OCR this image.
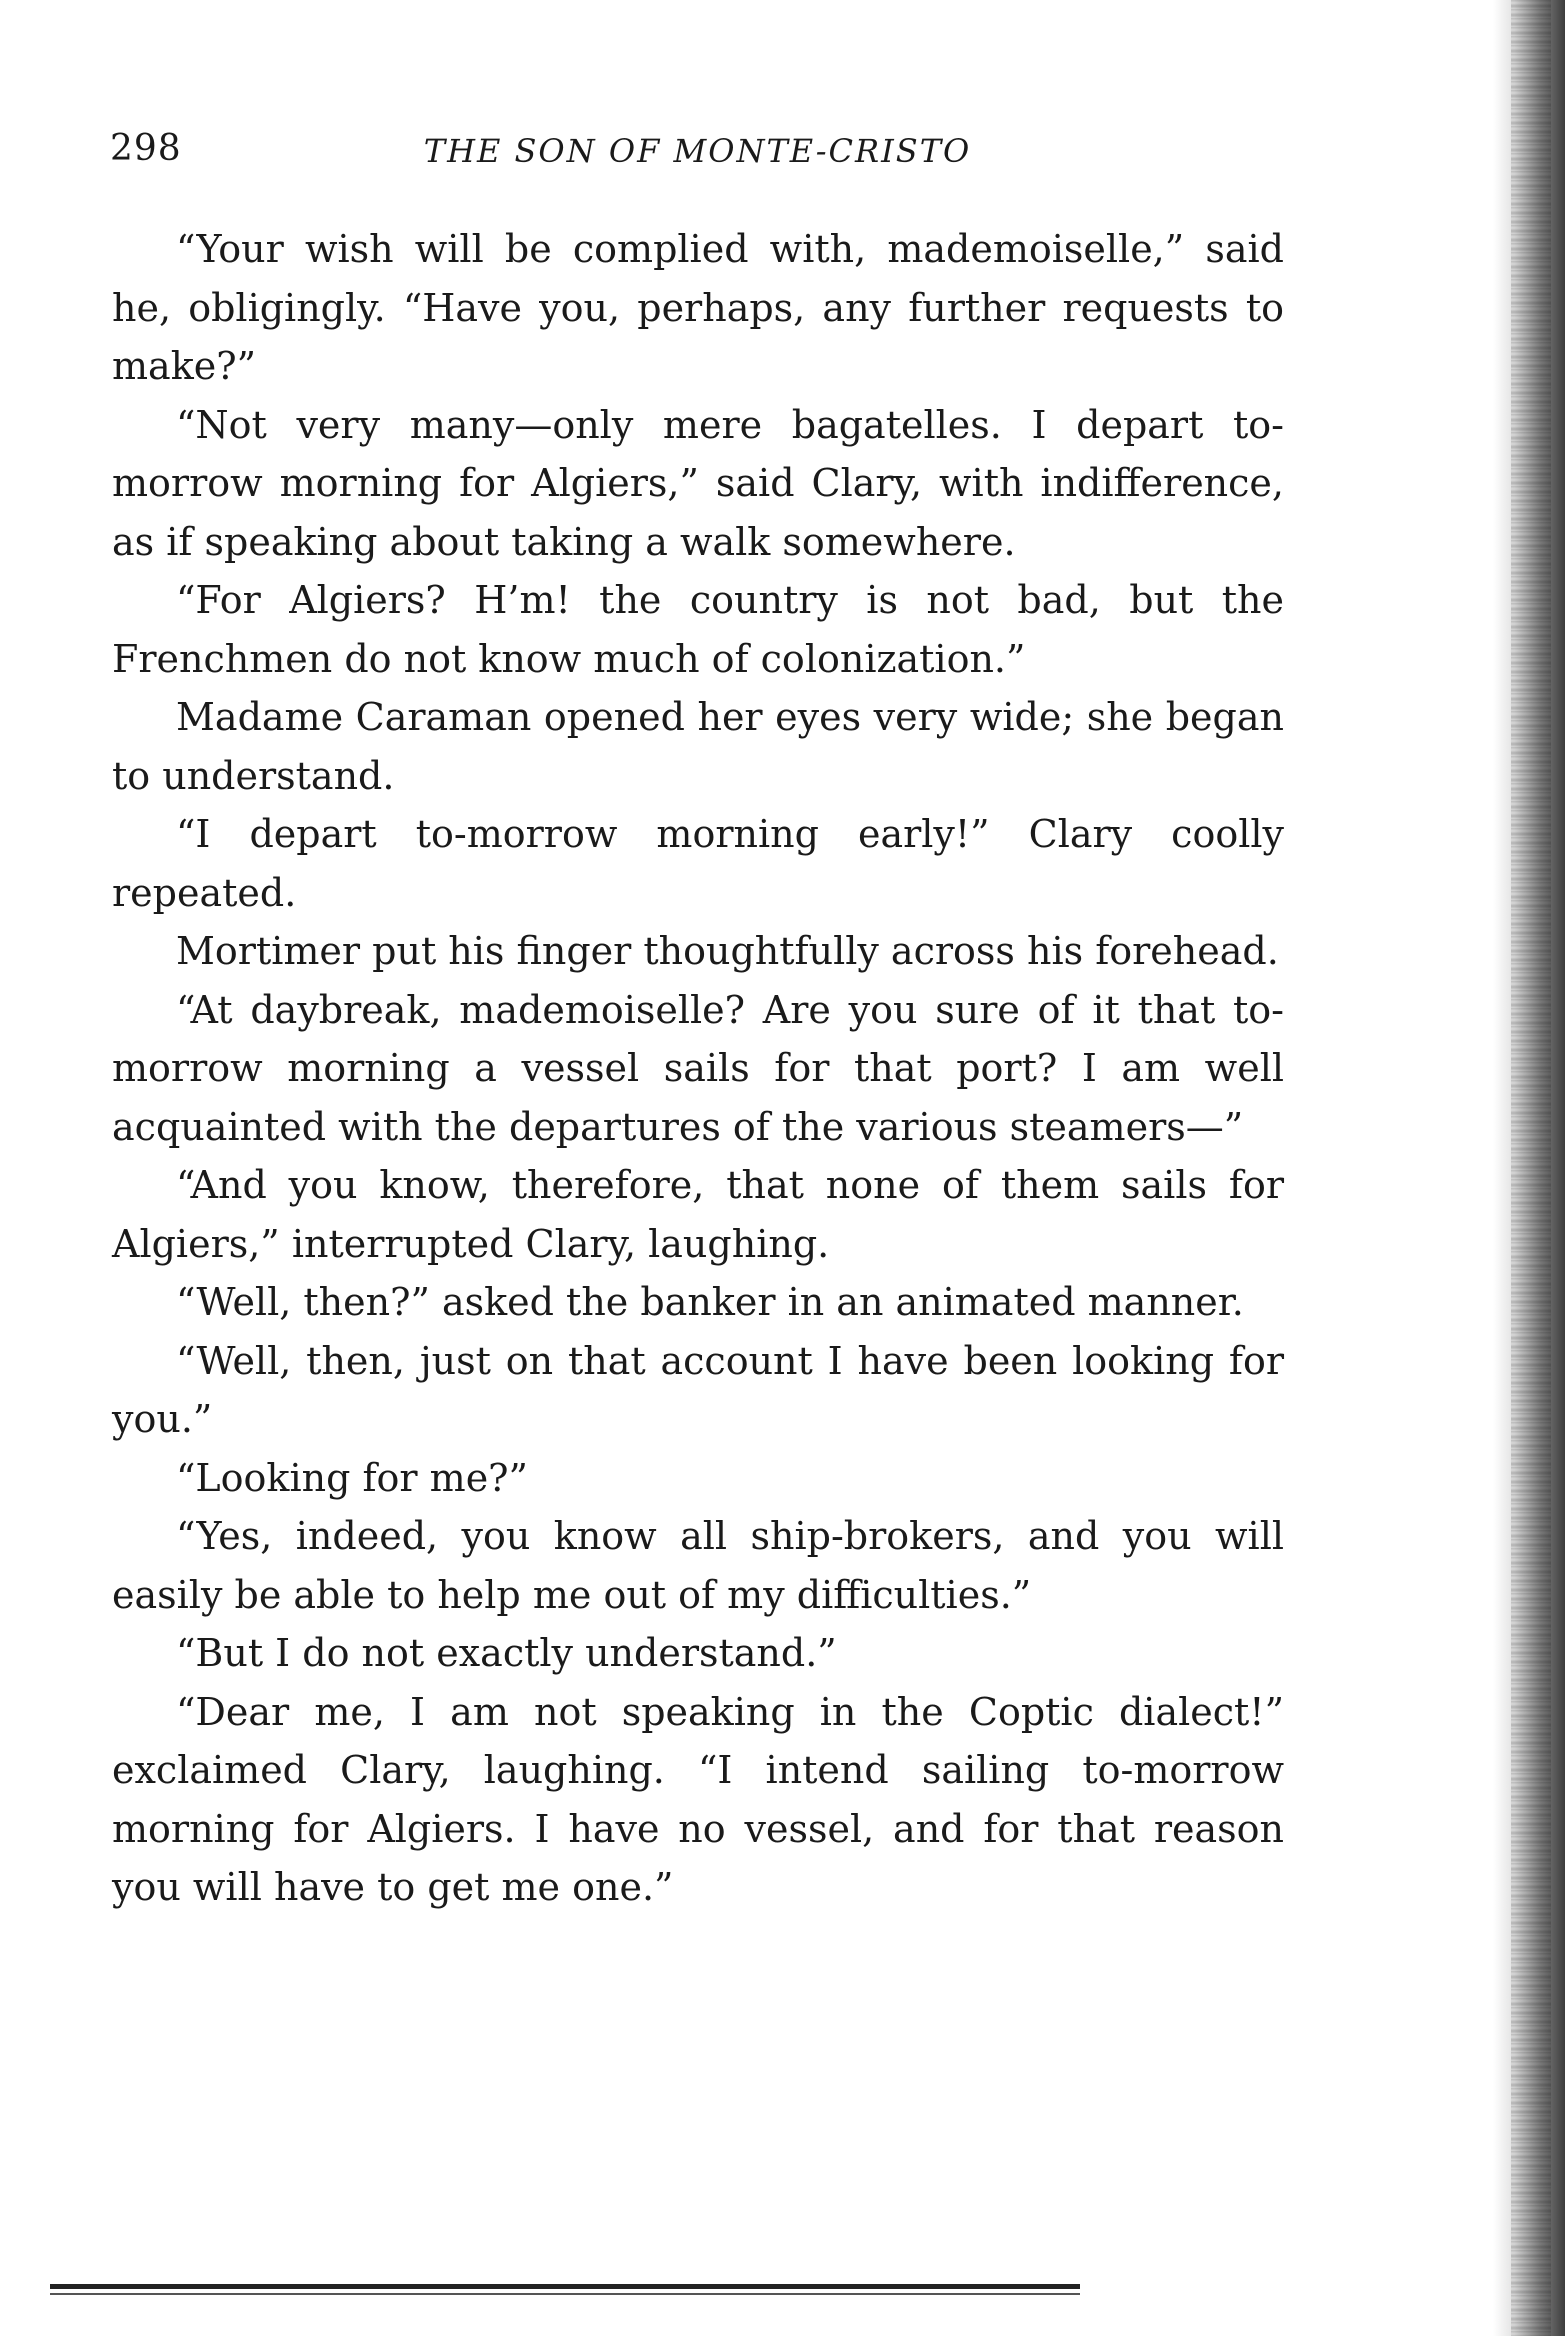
298	THE SON OF MONTE-CRISTO

“Your wish will be complied with, mademoiselle,” said he, obligingly. “Have you, perhaps, any further requests to make?”

“Not very many—only mere bagatelles. I depart to-morrow morning for Algiers,” said Clary, with indifference, as if speaking about taking a walk somewhere.

“For Algiers? H’m! the country is not bad, but the Frenchmen do not know much of colonization.”

Madame Caraman opened her eyes very wide; she began to understand.

“I depart to-morrow morning early!” Clary coolly repeated.

Mortimer put his finger thoughtfully across his forehead.

“At daybreak, mademoiselle? Are you sure of it that to-morrow morning a vessel sails for that port? I am well acquainted with the departures of the various steamers—”

“And you know, therefore, that none of them sails for Algiers,” interrupted Clary, laughing.

“Well, then?” asked the banker in an animated manner.

“Well, then, just on that account I have been looking for you.”

“Looking for me?”

“Yes, indeed, you know all ship-brokers, and you will easily be able to help me out of my difficulties.”

“But I do not exactly understand.”

“Dear me, I am not speaking in the Coptic dialect!” exclaimed Clary, laughing. “I intend sailing to-morrow morning for Algiers. I have no vessel, and for that reason you will have to get me one.”
